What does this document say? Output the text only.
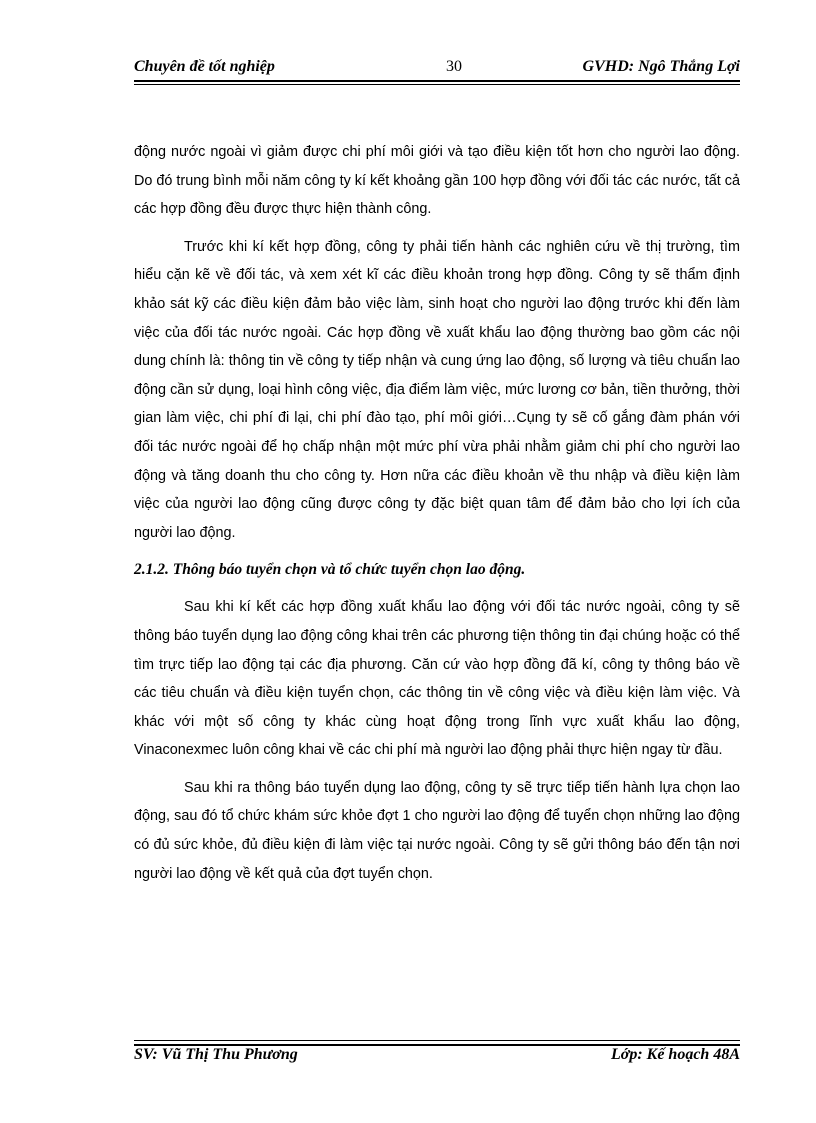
Chuyên đề tốt nghiệp	30	GVHD: Ngô Thắng Lợi

động nước ngoài vì giảm được chi phí môi giới và tạo điều kiện tốt hơn cho người lao động. Do đó trung bình mỗi năm công ty kí kết khoảng gần 100 hợp đồng với đối tác các nước, tất cả các hợp đồng đều được thực hiện thành công.

Trước khi kí kết hợp đồng, công ty phải tiến hành các nghiên cứu về thị trường, tìm hiểu cặn kẽ về đối tác, và xem xét kĩ các điều khoản trong hợp đồng. Công ty sẽ thẩm định khảo sát kỹ các điều kiện đảm bảo việc làm, sinh hoạt cho người lao động trước khi đến làm việc của đối tác nước ngoài. Các hợp đồng về xuất khẩu lao động thường bao gồm các nội dung chính là: thông tin về công ty tiếp nhận và cung ứng lao động, số lượng và tiêu chuẩn lao động cần sử dụng, loại hình công việc, địa điểm làm việc, mức lương cơ bản, tiền thưởng, thời gian làm việc, chi phí đi lại, chi phí đào tạo, phí môi giới…Cụng ty sẽ cố gắng đàm phán với đối tác nước ngoài để họ chấp nhận một mức phí vừa phải nhằm giảm chi phí cho người lao động và tăng doanh thu cho công ty. Hơn nữa các điều khoản về thu nhập và điều kiện làm việc của người lao động cũng được công ty đặc biệt quan tâm để đảm bảo cho lợi ích của người lao động.

2.1.2. Thông báo tuyển chọn và tổ chức tuyển chọn lao động.

Sau khi kí kết các hợp đồng xuất khẩu lao động với đối tác nước ngoài, công ty sẽ thông báo tuyển dụng lao động công khai trên các phương tiện thông tin đại chúng hoặc có thể tìm trực tiếp lao động tại các địa phương. Căn cứ vào hợp đồng đã kí, công ty thông báo về các tiêu chuẩn và điều kiện tuyển chọn, các thông tin về công việc và điều kiện làm việc. Và khác với một số công ty khác cùng hoạt động trong lĩnh vực xuất khẩu lao động, Vinaconexmec luôn công khai về các chi phí mà người lao động phải thực hiện ngay từ đầu.

Sau khi ra thông báo tuyển dụng lao động, công ty sẽ trực tiếp tiến hành lựa chọn lao động, sau đó tổ chức khám sức khỏe đợt 1 cho người lao động để tuyển chọn những lao động có đủ sức khỏe, đủ điều kiện đi làm việc tại nước ngoài. Công ty sẽ gửi thông báo đến tận nơi người lao động về kết quả của đợt tuyển chọn.

SV: Vũ Thị Thu Phương	Lớp: Kế hoạch 48A
